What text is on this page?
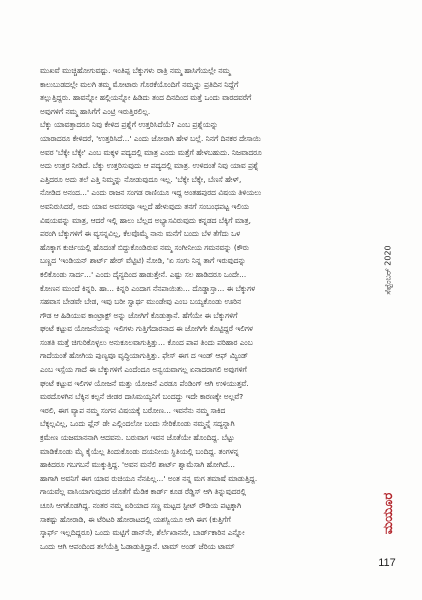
ಮುಖವೆ ಮುಚ್ಚಿಹೋಗುವಷ್ಟು. ಇಂತಿಪ್ಪ ಬೆಕ್ಕುಗಳು ರಾತ್ರಿ ನಮ್ಮ ಹಾಸಿಗೆಯಲ್ಲೇ ನಮ್ಮ
ಕಾಲುಬುಡದಲ್ಲೇ ಮಲಗಿ ತಮ್ಮ ಮೋಟಾರು ಗೊರಕೆಯೊಂದಿಗೆ ನಮ್ಮನ್ನು ಪ್ರತಿದಿನ ನಿದ್ದೆಗೆ
ತಲ್ಲುತ್ತಿದ್ದರು. ಹಾವನ್ನೋ ಹಲ್ಲಿಯನ್ನೋ ಹಿಡಿದು ತಂದ ದಿನದಿಂದ ಮತ್ತೆ ಒಂದು ವಾರದವರೆಗೆ
ಅವುಗಳಿಗೆ ನಮ್ಮ ಹಾಸಿಗೆಗೆ ಎಂಟ್ರಿ ಇರುತ್ತಿರಲಿಲ್ಲ.
ಬೆಕ್ಕು ಯಾವತ್ತಾದರೂ ನಿವು ಕೇಳಿದ ಪ್ರಶ್ನೆಗೆ ಉತ್ತರಿಸಿದೆಯೆ? ಎಂಬ ಪ್ರಶ್ನೆಯನ್ನು
ಯಾರಾದರೂ ಕೇಳಿದರೆ, 'ಉತ್ತರಿಸಿದೆ...' ಎಂದು ಜೋರಾಗಿ ಹೇಳ ಬಲ್ಲೆ. ನಿನಗೆ ದಿನಕರ ದೇಸಾಯಿ
ಅವರ 'ಬೆಕ್ಕೇ ಬೆಕ್ಕೇ' ಎಂಬ ಮಕ್ಕಳ ಪದ್ಯದಲ್ಲಿ ಮಾತ್ರ ಎಂದು ಮತ್ತೆಗೆ ಹೇಳಬಹುದು. ನಿಜವಾದರೂ
ಅದು ಉತ್ತರ ನೀಡಿದೆ. ಬೆಕ್ಕು ಉತ್ತರಿಸುವುದು ಆ ಪದ್ಯದಲ್ಲಿ ಮಾತ್ರ. ಉಳಿದಂತೆ ನಿವು ಯಾವ ಪ್ರಶ್ನೆ
ಎತ್ತಿದರೂ ಅದು ತಲೆ ಎತ್ತಿ ನಿಮ್ಮನ್ನು ನೋಡುವುದೂ ಇಲ್ಲ. 'ಬೆಕ್ಕೇ ಬೆಕ್ಕೇ, ಬೆಣಸೆ ಹೇಳ್,
ನೋಡಿದ ಅನಂದ...' ಎಂದು ರಾಜನ ಸಂಗಡ ರಾಣಿಯೂ ಇದ್ದ ಅಂತಹಪುರದ ವಿಷಯ ತಿಳಿಯಲು
ಅವನಿರುಸಿದರೆ, ಅದು ಯಾವ ಅವಸರವೂ ಇಲ್ಲದೆ ಹೇಳುವುದು ತನಗೆ ಸಂಬಂಧಪಟ್ಟ ಇಲಿಯ
ವಿಷಯವನ್ನು ಮಾತ್ರ, ಆದರೆ ಇಲ್ಲಿ ಹಾಲು ಬೆಲ್ಲದ ಅಭ್ಯಾಸವಿರುವುದು ಕನ್ನಡದ ಬೆಕ್ಕಿಗೆ ಮಾತ್ರ,
ಪರಂಗಿ ಬೆಕ್ಕುಗಳಿಗೆ ಈ ವ್ಯಸನ್ನವಿಲ್ಲ, ಕೆಲವೊಮ್ಮೆ ನಾನು ಮನೆಗೆ ಬಂದು ಬೆಳ ತೆಗೆದು ಒಳ
ಹೊಕ್ಕಾಗ ಕುರ್ಚಿಯಲ್ಲಿ ಹೊದಂತೆ ಬಿದ್ದುಕೊಂಡಿರುವ ನಮ್ಮ ಸಂಗೀನೀಯ ಗಮನವನ್ನು (ಕೌರು
ಬಣ್ಣದ 'ಇಂಡಿಯನ್ ಶಾರ್ಟ್ ಹೇರ್ ವೆಟ್ಟಿಟಿ) ನೋಡಿ, 'ಏ ಸಂಗು ನಿನ್ನ ತಾಗೆ ಇರುವುದನ್ನು
ಕಲಿಕೊಂಡು ಸಾರ್ದ...' ಎಂದು ದೈನ್ಯದಿಂದ ಹಾಡುತ್ತೇನೆ. ಎಷ್ಟು ಸಲ ಹಾಡಿದರೂ ಒಂದೇ...
ಕೋಣನ ಮುಂದೆ ಕಿನ್ನರಿ. ಹಾ... ಕಿನ್ನರಿ ಎಂದಾಗ ನೆನಪಾಯಿತು... ದೊಡ್ಡಾಸ್ತಾ... ಈ ಬೆಕ್ಕುಗಳ
ಸಹವಾಸ ಬೇಡವೇ ಬೇಡ, ಇವು ಬರೀ ಸ್ವಾರ್ಥ ಮುಂಡೇವು ಎಂಬ ಬಯ್ಯಕೊಂಡು ಊರಿನ
ಗೌಡ ಆ ಹಿಡಿಯುವ ಕಾಂಟ್ರಾಕ್ಟ್‌ ಅನ್ನು ಜೋಗಿಗೆ ಕೊಡುತ್ತಾನೆ. ಹೆಗೆಯೇ ಈ ಬೆಕ್ಕುಗಳಿಗೆ
ಘಂಟೆ ಕಟ್ಟುವ ಯೋಜನೆಯನ್ನು ಇಲಿಗಳು ಗುತ್ತಿಗೆದಾರನಾದ ಈ ಜೋಗಿಗೇ ಕೊಟ್ಟಿದ್ದರೆ ಇಲಿಗಳ
ಸಂತತಿ ಮತ್ತೆ ಚಿಗುರಿಕೊಳ್ಳಲು ಅನುಕೂಲವಾಗುತ್ತಿತ್ತು... ಕೊಂದ ಪಾಪ ತಿಂದು ಪರಿಹಾರ ಎಂಬ
ಗಾದೆಯಂತೆ ಹೋಗಿಯ ಪುಣ್ಯವೂ ವೃದ್ಧಿಯಾಗುತ್ತಿತ್ತು. ಫೇಸ್ ಈಗ ದ ಇಂಡ್‌ ಆಫ್ ಮ್ಯಿಂಡ್
ಎಂಬ ಇಸ್ಸೆಯ ಗಾದೆ ಈ ಬೆಕ್ಕುಗಳಿಗೆ ಎಂದೆಂದೂ ಅನ್ವಯವಾಗಲ್ಲ ಏನಾದರಾಗಲಿ ಅವುಗಳಿಗೆ
ಘಂಟೆ ಕಟ್ಟುವ ಇಲಿಗಳ ಯೋಜನೆ ಮತ್ತು ಯೋಜನೆ ಎರಡೂ ಪೆಂಡಿಂಗ್ ಆಗಿ ಉಳಿಯುತ್ತವೆ.
ಮಠದೊಳಗಿನ ಬೆಕ್ಕಿನ ಕಲ್ಪನೆ ಜೀಡರ ದಾಸಿಮಯ್ಯನಿಗೆ ಬಂದದ್ದು ಇದೇ ಕಾರಣಕ್ಕೇ ಅಲ್ಲವೆ?
ಇರಲಿ, ಈಗ ವ್ಯಾಪ ನಮ್ಮ ಸಂಗನ ವಿಷಯಕ್ಕೆ ಬರೋಣ... ಇವನೆನು ನಮ್ಮ ಸಾಕಿದ
ಬೆಕ್ಕಲ್ಲವಿಲ್ಲ, ಒಂದು ಫ್ಲೆನ್ ಡೇ ಎಲ್ಲಿಂದಲೋ ಬಂದು ಸೇರಿಕೊಂಡು ನಮ್ಮನ್ನೆ ಸದ್ಯನ್ನಾಗಿ
ಕ್ರಮೇಣ ಯಜಮಾನನಾಗಿ ಆದವನು. ಬರುವಾಗ ಇವನ ಜೊತೆಯೇ ಹೊಂದಿದ್ದ. ಬೆಟ್ಟು
ಮಾಡಿಕೊಂಡು ಮೈ ಕೈಯೆಲ್ಲ ತಿಂದುಕೊಂಡು ದಯನೀಯ ಸ್ಥಿತಿಯಲ್ಲಿ ಬಂದಿದ್ದ. ತಂಗಳನ್ನ
ಹಾಕಿದರೂ ಗಬಗಬನೆ ಮುಕ್ಕುತ್ತಿದ್ದ. 'ಅವನ ಮನೆಲಿ ಶಾರ್ಟ್ ಶ್ವಾಮೆಸಾಗಿ ಹೋಗಿದೆ...
ಹಾಗಾಗಿ ಅವನಿಗೆ ಈಗ ಯಾವ ರುಚಿಯೂ ನೆನಪಿಲ್ಲ...' ಅಂತ ನನ್ನ ಮಗ ತಮಾಷೆ ಮಾಡುತ್ತಿದ್ದ.
ಗಾಯವೆಲ್ಲ ವಾಸಿಯಾಗುವುದರ ಜೊತೆಗೆ ಮೆಡಿಕ ಕಾರ್ಡ್ ಕೂಡ ರೆಡ್ಡಿಸ್ ಆಗಿ ತಿನ್ನುವುದರಲ್ಲಿ
ಚೂಸಿ ಆಗತೊಡಗಿದ್ದ. ನಂತರ ನಮ್ಮ ಏರಿಯಾದ ಸಣ್ಣ ಮಟ್ಟದ ಸ್ಟೀಟ್ ರೌಡಿಯ ಪಟ್ಟಕ್ಕಾಗಿ
ಸಾಕಷ್ಟು ಹೋರಾಡಿ, ಈ ಟೆರಿಟರಿ ಹೋರಾಟದಲ್ಲಿ ಯಶಸ್ವಿಯೂ ಆಗಿ ಈಗ (ಕುತ್ತಿಗೆಗೆ
ಸ್ಕಾರ್ಫ್ ಇಲ್ಲದಿದ್ದರೂ) ಒಂದು ಮಟ್ಟಿಗೆ ಡಾನ್‌ನೇ, ಶೆರ್ಲೆಖಾನನೇ, ಬಾರ್ಡ್‌ಕಾರಿನ ಎನ್ನೋ
ಒಂದು ಆಗಿ ಆಪಂದಿಂದ ತಲೆಯೆತ್ತಿ ಓಡಾಡುತ್ತಿದ್ದಾನೆ. ಟಾಮ್ ಅಂಡ್ ಜೆರಿಯ ಟಾಮ್
ಸೆಪ್ಟೆಂಬರ್ 2020
ಮಯೂರ
117
